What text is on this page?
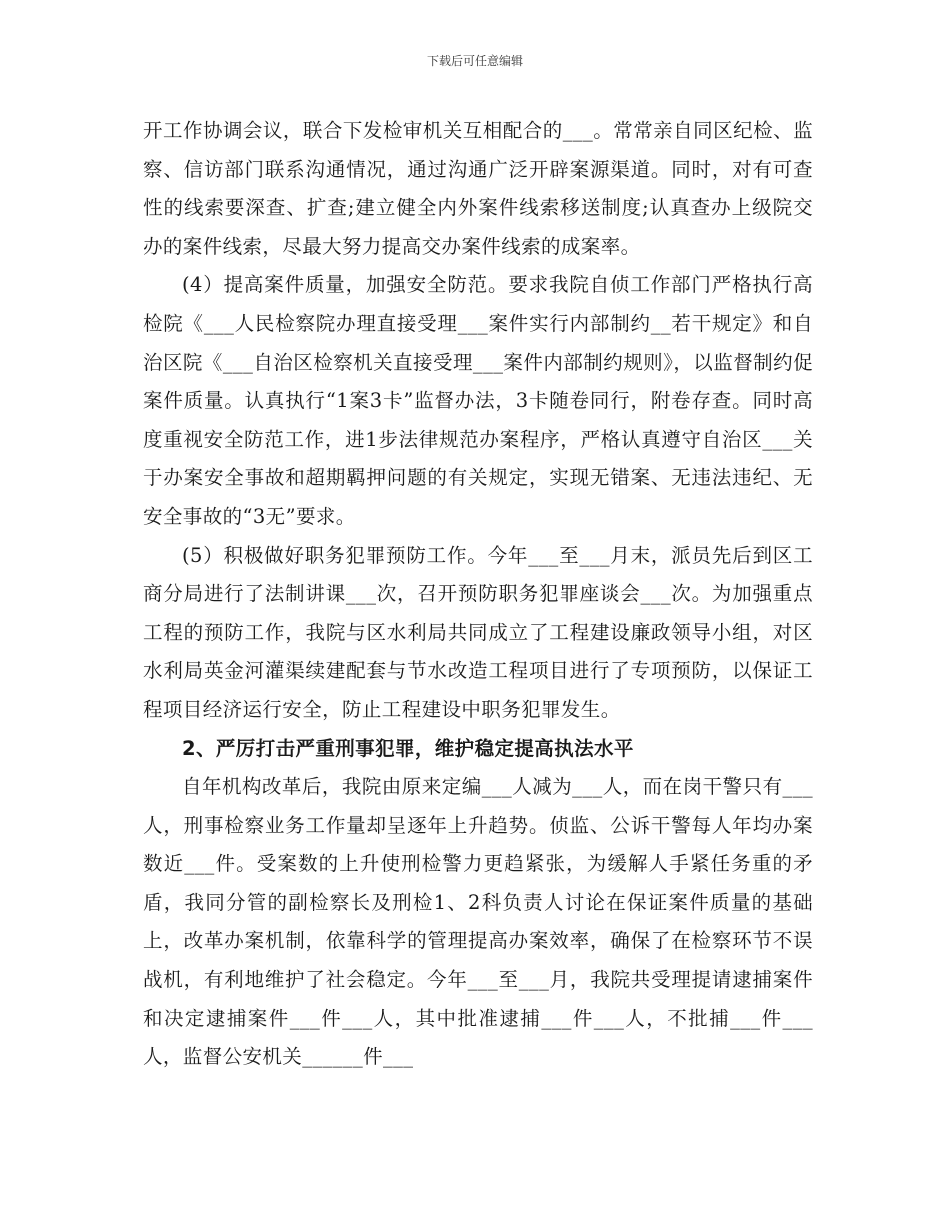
下载后可任意编辑

开工作协调会议，联合下发检审机关互相配合的___。常常亲自同区纪检、监察、信访部门联系沟通情况，通过沟通广泛开辟案源渠道。同时，对有可查性的线索要深查、扩查;建立健全内外案件线索移送制度;认真查办上级院交办的案件线索，尽最大努力提高交办案件线索的成案率。

(4）提高案件质量，加强安全防范。要求我院自侦工作部门严格执行高检院《___人民检察院办理直接受理___案件实行内部制约__若干规定》和自治区院《___自治区检察机关直接受理___案件内部制约规则》，以监督制约促案件质量。认真执行“1案3卡”监督办法，3卡随卷同行，附卷存查。同时高度重视安全防范工作，进1步法律规范办案程序，严格认真遵守自治区___关于办案安全事故和超期羁押问题的有关规定，实现无错案、无违法违纪、无安全事故的“3无”要求。

(5）积极做好职务犯罪预防工作。今年___至___月末，派员先后到区工商分局进行了法制讲课___次，召开预防职务犯罪座谈会___次。为加强重点工程的预防工作，我院与区水利局共同成立了工程建设廉政领导小组，对区水利局英金河灌渠续建配套与节水改造工程项目进行了专项预防，以保证工程项目经济运行安全，防止工程建设中职务犯罪发生。

2、严厉打击严重刑事犯罪，维护稳定提高执法水平

自年机构改革后，我院由原来定编___人减为___人，而在岗干警只有___人，刑事检察业务工作量却呈逐年上升趋势。侦监、公诉干警每人年均办案数近___件。受案数的上升使刑检警力更趋紧张，为缓解人手紧任务重的矛盾，我同分管的副检察长及刑检1、2科负责人讨论在保证案件质量的基础上，改革办案机制，依靠科学的管理提高办案效率，确保了在检察环节不误战机，有利地维护了社会稳定。今年___至___月，我院共受理提请逮捕案件和决定逮捕案件___件___人，其中批准逮捕___件___人，不批捕___件___人，监督公安机关______件___
